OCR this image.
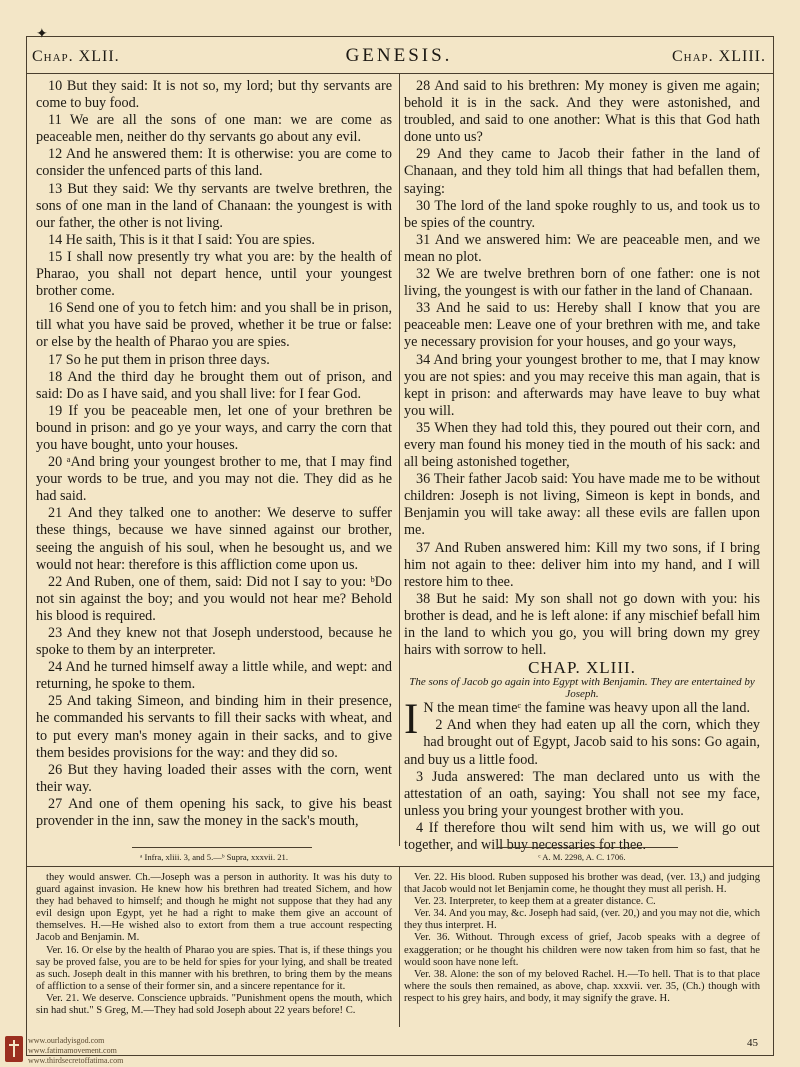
✦
Chap. XLII.	GENESIS.	Chap. XLIII.

10 But they said: It is not so, my lord; but thy servants are come to buy food.

11 We are all the sons of one man: we are come as peaceable men, neither do thy servants go about any evil.

12 And he answered them: It is otherwise: you are come to consider the unfenced parts of this land.

13 But they said: We thy servants are twelve brethren, the sons of one man in the land of Chanaan: the youngest is with our father, the other is not living.

14 He saith, This is it that I said: You are spies.

15 I shall now presently try what you are: by the health of Pharao, you shall not depart hence, until your youngest brother come.

16 Send one of you to fetch him: and you shall be in prison, till what you have said be proved, whether it be true or false: or else by the health of Pharao you are spies.

17 So he put them in prison three days.

18 And the third day he brought them out of prison, and said: Do as I have said, and you shall live: for I fear God.

19 If you be peaceable men, let one of your brethren be bound in prison: and go ye your ways, and carry the corn that you have bought, unto your houses.

20 ᵃAnd bring your youngest brother to me, that I may find your words to be true, and you may not die. They did as he had said.

21 And they talked one to another: We deserve to suffer these things, because we have sinned against our brother, seeing the anguish of his soul, when he besought us, and we would not hear: therefore is this affliction come upon us.

22 And Ruben, one of them, said: Did not I say to you: ᵇDo not sin against the boy; and you would not hear me? Behold his blood is required.

23 And they knew not that Joseph understood, because he spoke to them by an interpreter.

24 And he turned himself away a little while, and wept: and returning, he spoke to them.

25 And taking Simeon, and binding him in their presence, he commanded his servants to fill their sacks with wheat, and to put every man's money again in their sacks, and to give them besides provisions for the way: and they did so.

26 But they having loaded their asses with the corn, went their way.

27 And one of them opening his sack, to give his beast provender in the inn, saw the money in the sack's mouth,

28 And said to his brethren: My money is given me again; behold it is in the sack. And they were astonished, and troubled, and said to one another: What is this that God hath done unto us?

29 And they came to Jacob their father in the land of Chanaan, and they told him all things that had befallen them, saying:

30 The lord of the land spoke roughly to us, and took us to be spies of the country.

31 And we answered him: We are peaceable men, and we mean no plot.

32 We are twelve brethren born of one father: one is not living, the youngest is with our father in the land of Chanaan.

33 And he said to us: Hereby shall I know that you are peaceable men: Leave one of your brethren with me, and take ye necessary provision for your houses, and go your ways,

34 And bring your youngest brother to me, that I may know you are not spies: and you may receive this man again, that is kept in prison: and afterwards may have leave to buy what you will.

35 When they had told this, they poured out their corn, and every man found his money tied in the mouth of his sack: and all being astonished together,

36 Their father Jacob said: You have made me to be without children: Joseph is not living, Simeon is kept in bonds, and Benjamin you will take away: all these evils are fallen upon me.

37 And Ruben answered him: Kill my two sons, if I bring him not again to thee: deliver him into my hand, and I will restore him to thee.

38 But he said: My son shall not go down with you: his brother is dead, and he is left alone: if any mischief befall him in the land to which you go, you will bring down my grey hairs with sorrow to hell.

CHAP. XLIII.

The sons of Jacob go again into Egypt with Benjamin. They are entertained by Joseph.

I N the mean timeᶜ the famine was heavy upon all the land.

2 And when they had eaten up all the corn, which they had brought out of Egypt, Jacob said to his sons: Go again, and buy us a little food.

3 Juda answered: The man declared unto us with the attestation of an oath, saying: You shall not see my face, unless you bring your youngest brother with you.

4 If therefore thou wilt send him with us, we will go out together, and will buy necessaries for thee.

ᵃ Infra, xliii. 3, and 5.—ᵇ Supra, xxxvii. 21.	ᶜ A. M. 2298, A. C. 1706.

they would answer. Ch.—Joseph was a person in authority. It was his duty to guard against invasion. He knew how his brethren had treated Sichem, and how they had behaved to himself; and though he might not suppose that they had any evil design upon Egypt, yet he had a right to make them give an account of themselves. H.—He wished also to extort from them a true account respecting Jacob and Benjamin. M.

Ver. 16. Or else by the health of Pharao you are spies. That is, if these things you say be proved false, you are to be held for spies for your lying, and shall be treated as such. Joseph dealt in this manner with his brethren, to bring them by the means of affliction to a sense of their former sin, and a sincere repentance for it.

Ver. 21. We deserve. Conscience upbraids. "Punishment opens the mouth, which sin had shut." S Greg, M.—They had sold Joseph about 22 years before! C.

Ver. 22. His blood. Ruben supposed his brother was dead, (ver. 13,) and judging that Jacob would not let Benjamin come, he thought they must all perish. H.

Ver. 23. Interpreter, to keep them at a greater distance. C.

Ver. 34. And you may, &c. Joseph had said, (ver. 20,) and you may not die, which they thus interpret. H.

Ver. 36. Without. Through excess of grief, Jacob speaks with a degree of exaggeration; or he thought his children were now taken from him so fast, that he would soon have none left.

Ver. 38. Alone: the son of my beloved Rachel. H.—To hell. That is to that place where the souls then remained, as above, chap. xxxvii. ver. 35, (Ch.) though with respect to his grey hairs, and body, it may signify the grave. H.

45
www.ourladyisgod.com
www.fatimamovement.com
www.thirdsecretoffatima.com
